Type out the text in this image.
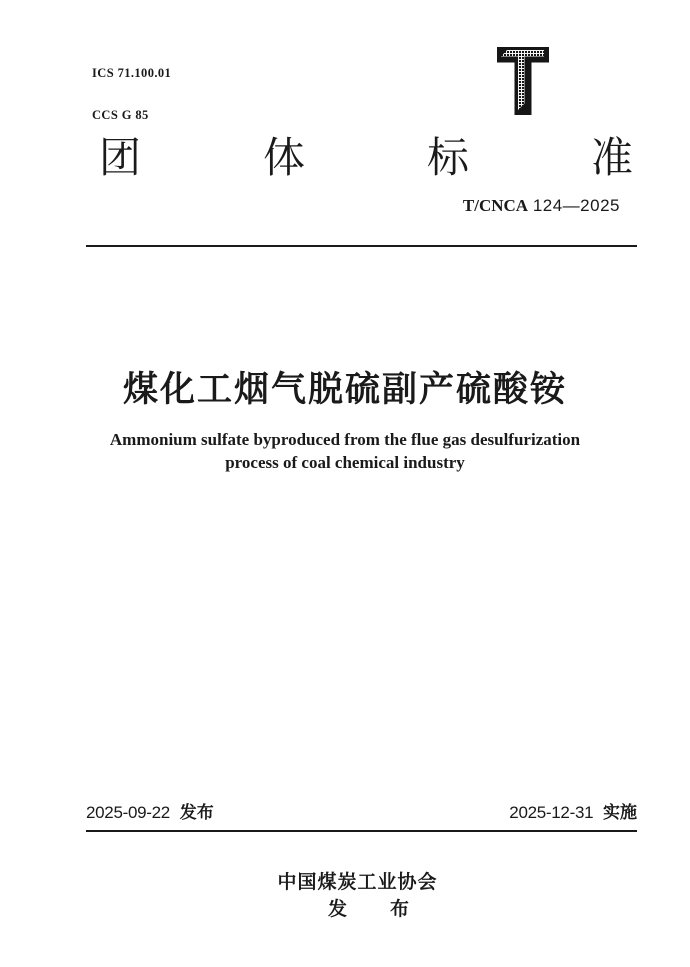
ICS 71.100.01

CCS G 85

团	体	标	准
T/CNCA 124—2025
煤化工烟气脱硫副产硫酸铵
Ammonium sulfate byproduced from the flue gas desulfurization
process of coal chemical industry
2025-09-22 发布	2025-12-31 实施

中国煤炭工业协会
发　布
